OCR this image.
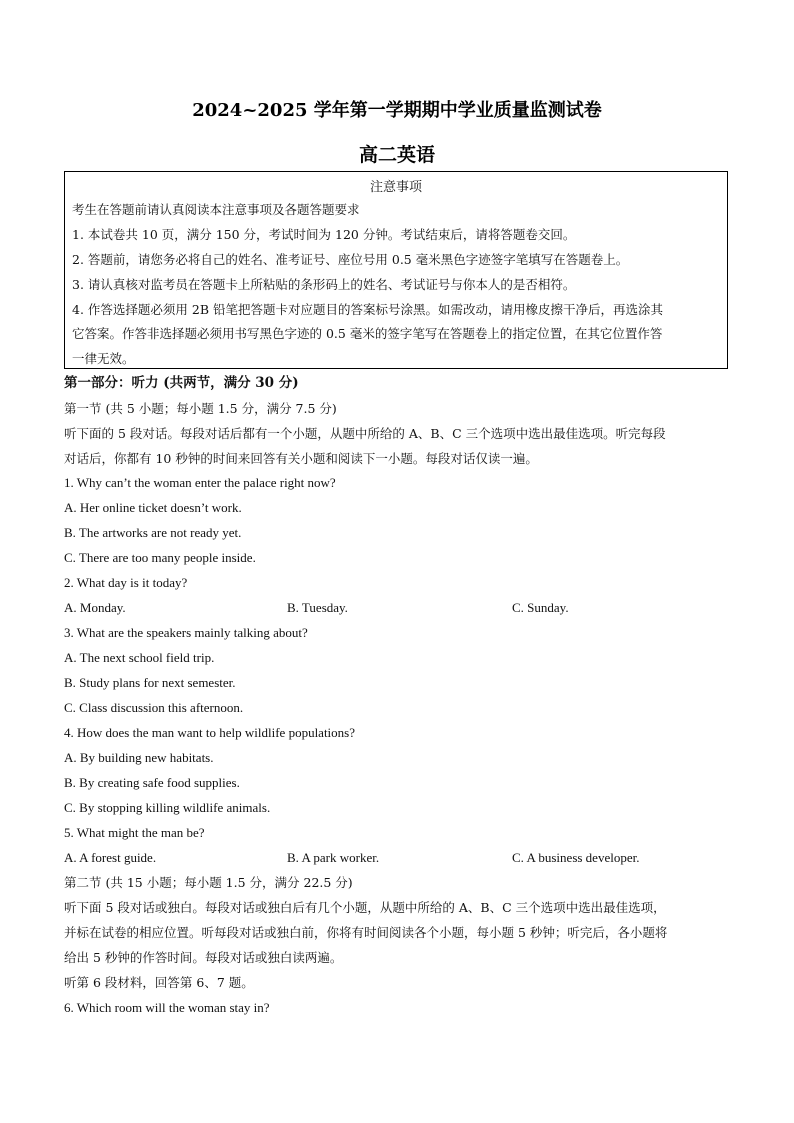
2024~2025 学年第一学期期中学业质量监测试卷
高二英语
注意事项
考生在答题前请认真阅读本注意事项及各题答题要求
1. 本试卷共 10 页，满分 150 分，考试时间为 120 分钟。考试结束后，请将答题卷交回。
2. 答题前，请您务必将自己的姓名、准考证号、座位号用 0.5 毫米黑色字迹签字笔填写在答题卷上。
3. 请认真核对监考员在答题卡上所粘贴的条形码上的姓名、考试证号与你本人的是否相符。
4. 作答选择题必须用 2B 铅笔把答题卡对应题目的答案标号涂黑。如需改动，请用橡皮擦干净后，再选涂其
它答案。作答非选择题必须用书写黑色字迹的 0.5 毫米的签字笔写在答题卷上的指定位置，在其它位置作答
一律无效。
第一部分：听力 (共两节，满分 30 分)
第一节 (共 5 小题；每小题 1.5 分，满分 7.5 分)
听下面的 5 段对话。每段对话后都有一个小题，从题中所给的 A、B、C 三个选项中选出最佳选项。听完每段
对话后，你都有 10 秒钟的时间来回答有关小题和阅读下一小题。每段对话仅读一遍。
1. Why can’t the woman enter the palace right now?
A. Her online ticket doesn’t work.
B. The artworks are not ready yet.
C. There are too many people inside.
2. What day is it today?
A. Monday.	B. Tuesday.	C. Sunday.
3. What are the speakers mainly talking about?
A. The next school field trip.
B. Study plans for next semester.
C. Class discussion this afternoon.
4. How does the man want to help wildlife populations?
A. By building new habitats.
B. By creating safe food supplies.
C. By stopping killing wildlife animals.
5. What might the man be?
A. A forest guide.	B. A park worker.	C. A business developer.
第二节 (共 15 小题；每小题 1.5 分，满分 22.5 分)
听下面 5 段对话或独白。每段对话或独白后有几个小题，从题中所给的 A、B、C 三个选项中选出最佳选项，
并标在试卷的相应位置。听每段对话或独白前，你将有时间阅读各个小题，每小题 5 秒钟；听完后，各小题将
给出 5 秒钟的作答时间。每段对话或独白读两遍。
听第 6 段材料，回答第 6、7 题。
6. Which room will the woman stay in?
